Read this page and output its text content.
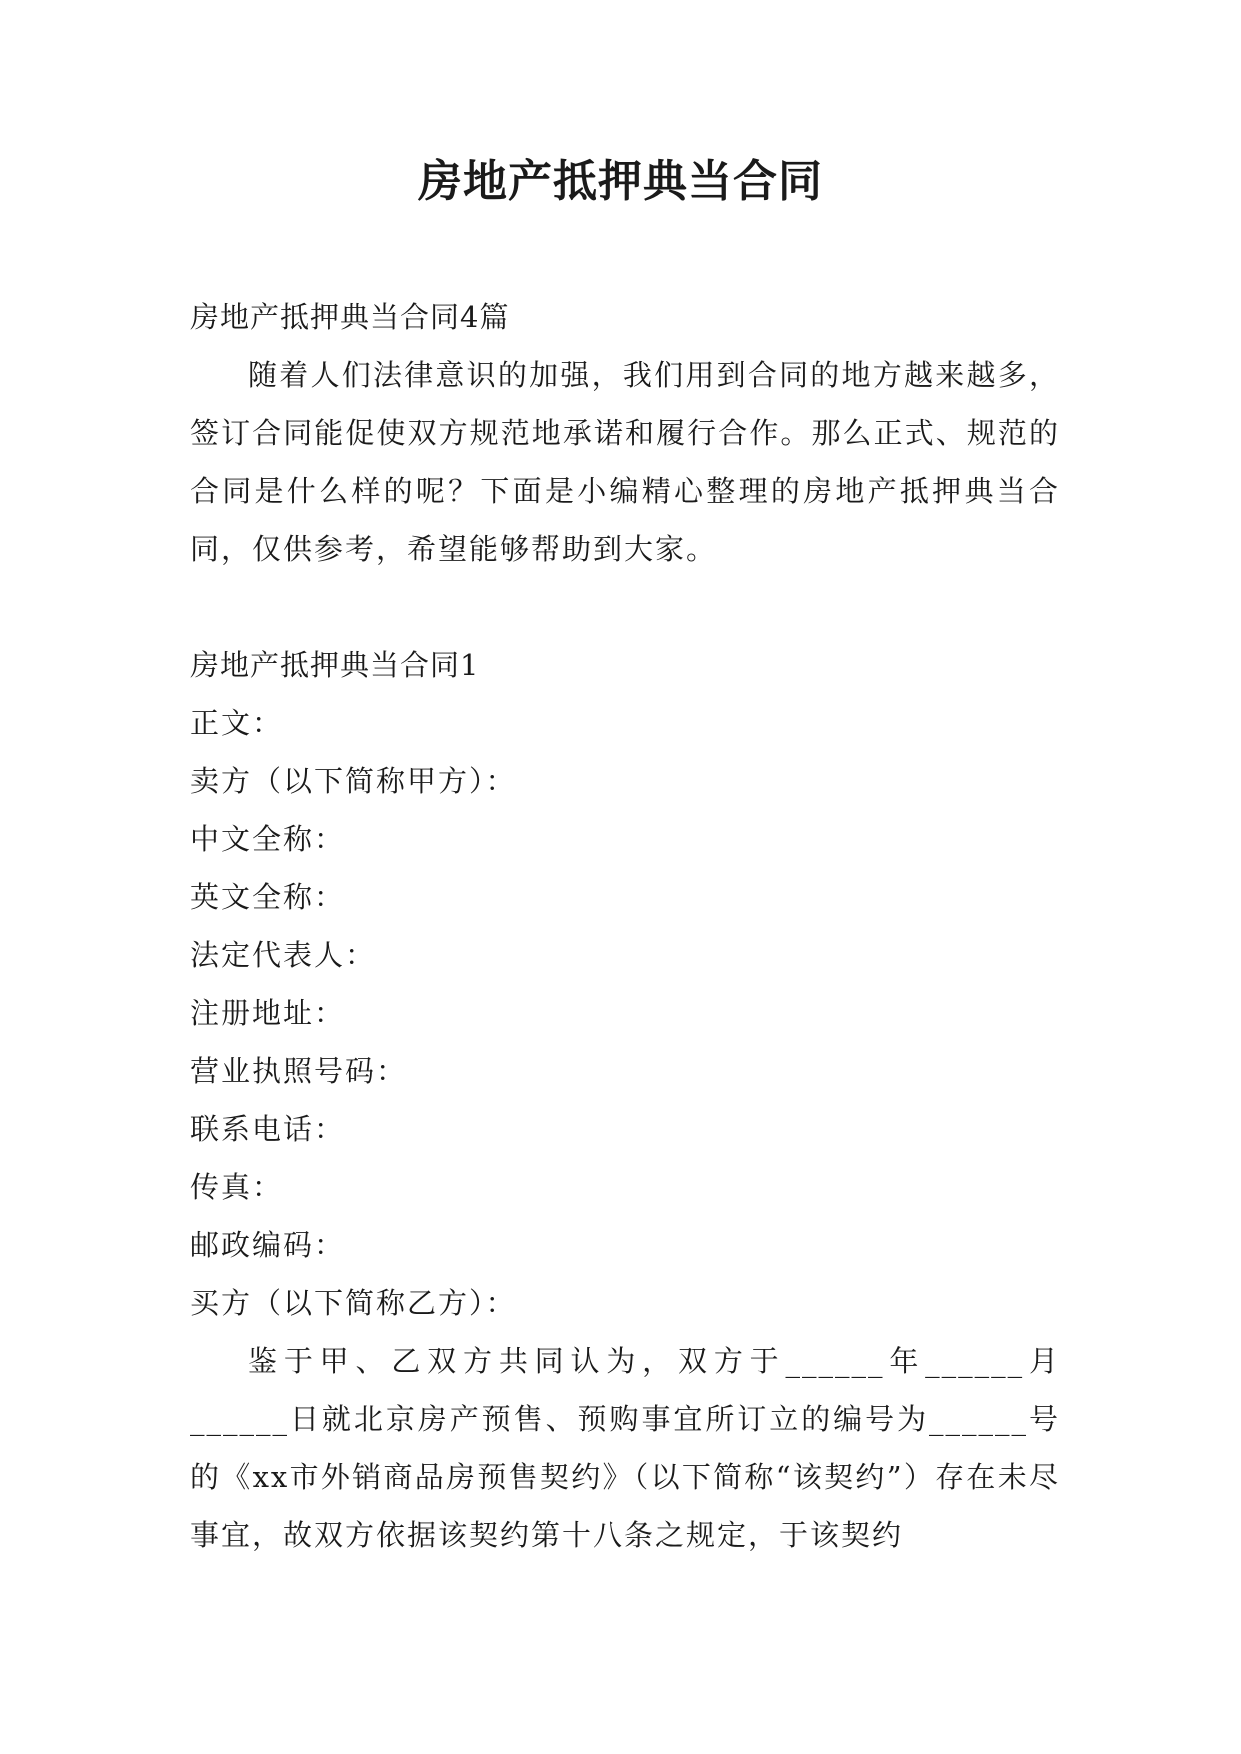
房地产抵押典当合同

房地产抵押典当合同4篇

随着人们法律意识的加强，我们用到合同的地方越来越多，签订合同能促使双方规范地承诺和履行合作。那么正式、规范的合同是什么样的呢？下面是小编精心整理的房地产抵押典当合同，仅供参考，希望能够帮助到大家。

房地产抵押典当合同1

正文：

卖方（以下简称甲方）：

中文全称：

英文全称：

法定代表人：

注册地址：

营业执照号码：

联系电话：

传真：

邮政编码：

买方（以下简称乙方）：

鉴于甲、乙双方共同认为，双方于______年______月______日就北京房产预售、预购事宜所订立的编号为______号的《xx市外销商品房预售契约》（以下简称“该契约”）存在未尽事宜，故双方依据该契约第十八条之规定，于该契约
